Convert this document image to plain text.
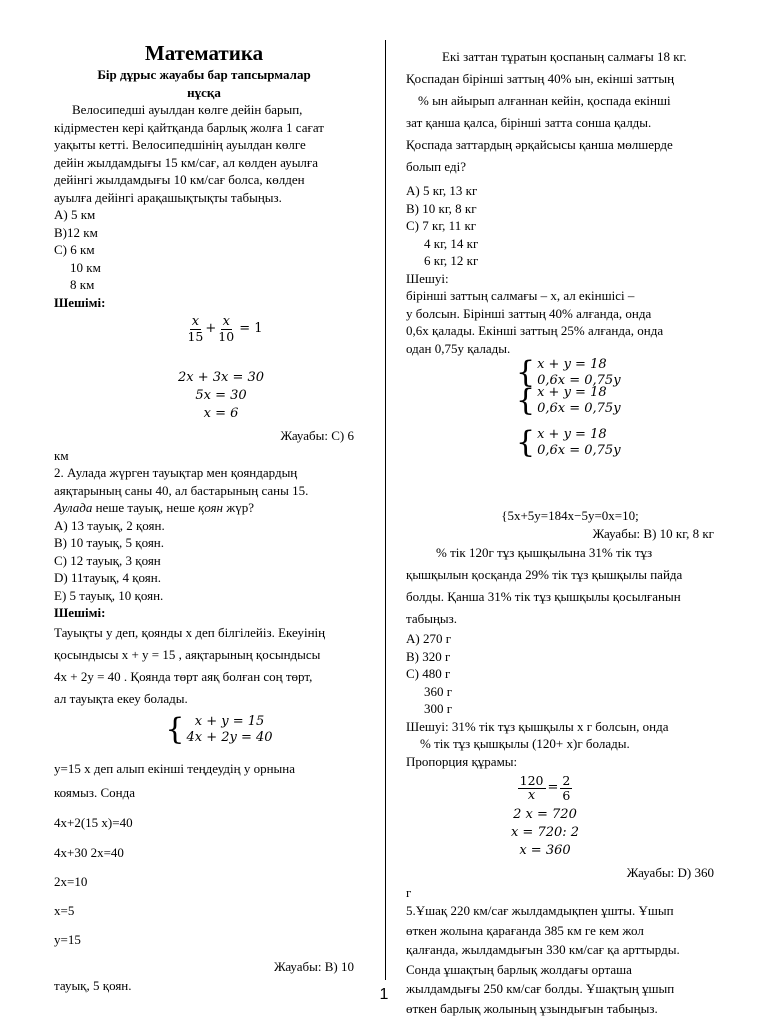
Математика
Бір дұрыс жауабы бар тапсырмалар
нұсқа
Велосипедші ауылдан көлге дейін барып,
кідірместен кері қайтқанда барлық жолға 1 сағат
уақыты кетті. Велосипедшінің ауылдан көлге
дейін жылдамдығы 15 км/сағ, ал көлден ауылға
дейінгі жылдамдығы 10 км/сағ болса, көлден
ауылға дейінгі арақашықтықты табыңыз.
A) 5 км
B)12 км
C) 6 км
10 км
8 км
Шешімі:
$\frac{x}{15} + \frac{x}{10} = 1$
2x + 3x = 30
5x = 30
x = 6
Жауабы: C) 6
км
2. Аулада жүрген тауықтар мен қояндардың
аяқтарының саны 40, ал бастарының саны 15.
Аулада неше тауық, неше қоян жүр?
A) 13 тауық, 2 қоян.
B) 10 тауық, 5 қоян.
C) 12 тауық, 3 қоян
D) 11тауық, 4 қоян.
E) 5 тауық, 10 қоян.
Шешімі:
Тауықты у деп, қоянды x деп білгілейіз. Екеуінің
қосындысы x + y = 15 , аяқтарының қосындысы
4x + 2y = 40 . Қоянда төрт аяқ болған соң төрт,
ал тауықта екеу болады.
{ x + y = 15
4x + 2y = 40
y=15 x деп алып екінші теңдеудің у орнына
коямыз. Сонда
4x+2(15 x)=40
4x+30 2x=40
2x=10
x=5
y=15
Жауабы: B) 10
тауық, 5 қоян.
Екі заттан тұратын қоспаның салмағы 18 кг.
Қоспадан бірінші заттың 40% ын, екінші заттың
% ын айырып алғаннан кейін, қоспада екінші
зат қанша қалса, бірінші затта сонша қалды.
Қоспада заттардың әрқайсысы қанша мөлшерде
болып еді?
A) 5 кг, 13 кг
B) 10 кг, 8 кг
C) 7 кг, 11 кг
4 кг, 14 кг
6 кг, 12 кг
Шешуі:
бірінші заттың салмағы – x, ал екіншісі –
y болсын. Бірінші заттың 40% алғанда, онда
0,6x қалады. Екінші заттың 25% алғанда, онда
одан 0,75y қалады.
{ x + y = 18
0,6x = 0,75y
{ x + y = 18
0,6x = 0,75y
{ x + y = 18
0,6x = 0,75y
{5x+5y=184x−5y=0x=10;
Жауабы: B) 10 кг, 8 кг
% тік 120г тұз қышқылына 31% тік тұз
қышқылын қосқанда 29% тік тұз қышқылы пайда
болды. Қанша 31% тік тұз қышқылы қосылғанын
табыңыз.
A) 270 г
B) 320 г
C) 480 г
360 г
300 г
Шешуі: 31% тік тұз қышқылы x г болсын, онда
% тік тұз қышқылы (120+ x)г болады.
Пропорция құрамы:
$\frac{120}{x} = \frac{2}{6}$
2 x = 720
x = 720: 2
x = 360
Жауабы: D) 360
г
5.Ұшақ 220 км/сағ жылдамдықпен ұшты. Ұшып
өткен жолына қарағанда 385 км ге кем жол
қалғанда, жылдамдығын 330 км/сағ қа арттырды.
Сонда ұшақтың барлық жолдағы орташа
жылдамдығы 250 км/сағ болды. Ұшақтың ұшып
өткен барлық жолының ұзындығын табыңыз.
1
